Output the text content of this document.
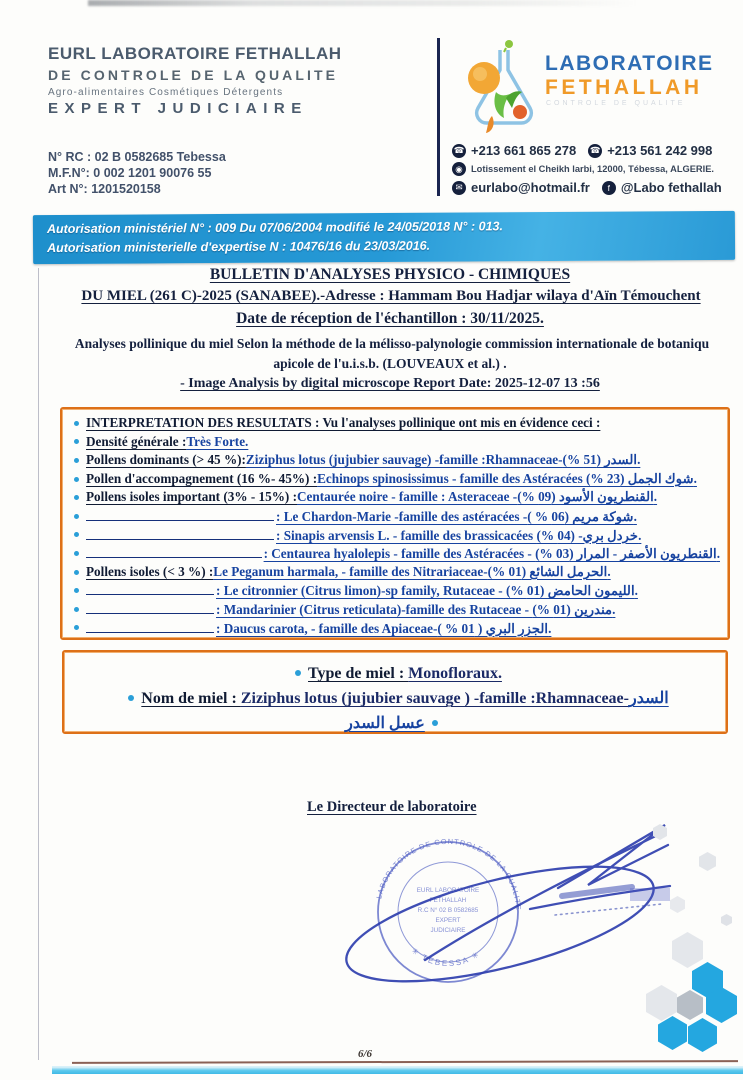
EURL LABORATOIRE FETHALLAH
DE CONTROLE DE LA QUALITE
Agro-alimentaires Cosmétiques Détergents
EXPERT JUDICIAIRE
N° RC : 02 B 0582685 Tebessa
M.F.N°: 0 002 1201 90076 55
Art N°: 1201520158
LABORATOIRE
FETHALLAH
CONTROLE DE QUALITE
☎ +213 661 865 278 ☎ +213 561 242 998
◉ Lotissement el Cheikh larbi, 12000, Tébessa, ALGERIE.
✉ eurlabo@hotmail.fr	f @Labo fethallah
Autorisation ministériel N° : 009 Du 07/06/2004 modifié le 24/05/2018 N° : 013.
Autorisation ministerielle d'expertise N : 10476/16 du 23/03/2016.
BULLETIN D'ANALYSES PHYSICO - CHIMIQUES
DU MIEL (261 C)-2025 (SANABEE).-Adresse : Hammam Bou Hadjar wilaya d'Aïn Témouchent
Date de réception de l'échantillon : 30/11/2025.
Analyses pollinique du miel Selon la méthode de la mélisso-palynologie commission internationale de botaniqu
apicole de l'u.i.s.b. (LOUVEAUX et al.) .
- Image Analysis by digital microscope Report Date: 2025-12-07 13 :56
INTERPRETATION DES RESULTATS : Vu l'analyses pollinique ont mis en évidence ceci :
Densité générale : Très Forte.
Pollens dominants (> 45 %): Ziziphus lotus (jujubier sauvage) -famille :Rhamnaceae-السدر (51 %).
Pollen d'accompagnement (16 %- 45%) : Echinops spinosissimus - famille des Astéracées شوك الجمل (23 %).
Pollens isoles important (3% - 15%) : Centaurée noire - famille : Asteraceae -القنطريون الأسود (09 %).
: Le Chardon-Marie -famille des astéracées -شوكة مريم (06 % ).
: Sinapis arvensis L. - famille des brassicacées خردل بري- (04 %).
: Centaurea hyalolepis - famille des Astéracées - القنطريون الأصفر - المرار (03 %).
Pollens isoles (< 3 %) : Le Peganum harmala, - famille des Nitrariaceae-الحرمل الشائع (01 %).
: Le citronnier (Citrus limon)-sp family, Rutaceae - الليمون الحامض (01 %).
: Mandarinier (Citrus reticulata)-famille des Rutaceae - مندرين (01 %).
: Daucus carota, - famille des Apiaceae-الجزر البري ( 01 % ).
Type de miel : Monofloraux.
Nom de miel : Ziziphus lotus (jujubier sauvage ) -famille :Rhamnaceae-السدر
عسل السدر
Le Directeur de laboratoire
LABORATOIRE DE CONTROLE DE LA QUALITE
✳ TEBESSA ✳
EURL LABORATOIRE
FETHALLAH
R.C N° 02 B 0582685
EXPERT
JUDICIAIRE
6/6
